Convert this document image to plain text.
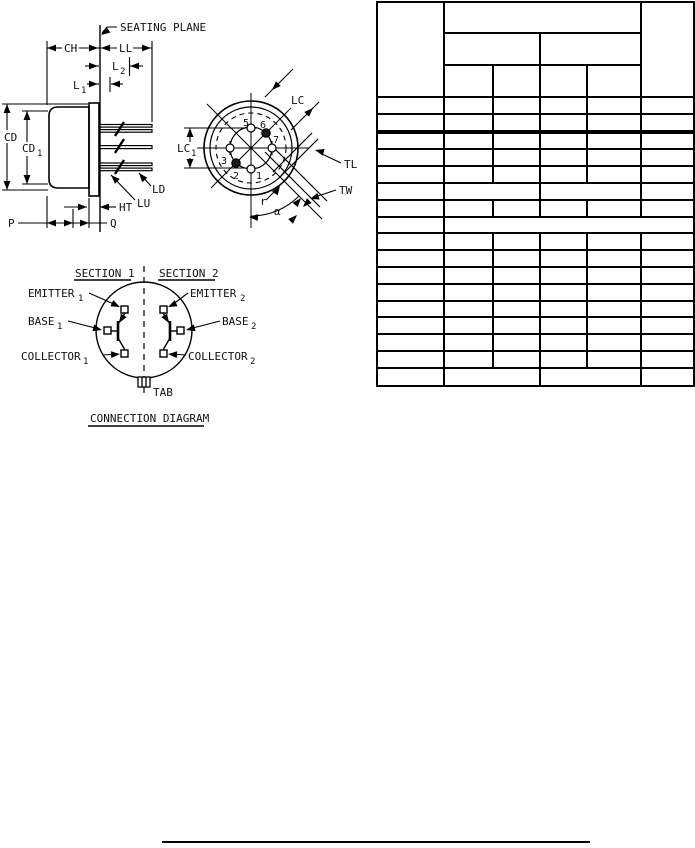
SEATING PLANE
CH	LL
L 2
L 1
CD
CD 1
LD
LU
HT
P	Q
LC
LC 1
TL
TW
r
α
5 6
7
3
2 1
SECTION 1 SECTION 2
EMITTER 1	EMITTER 2
BASE 1	BASE 2
COLLECTOR 1	COLLECTOR 2
TAB
CONNECTION DIAGRAM
